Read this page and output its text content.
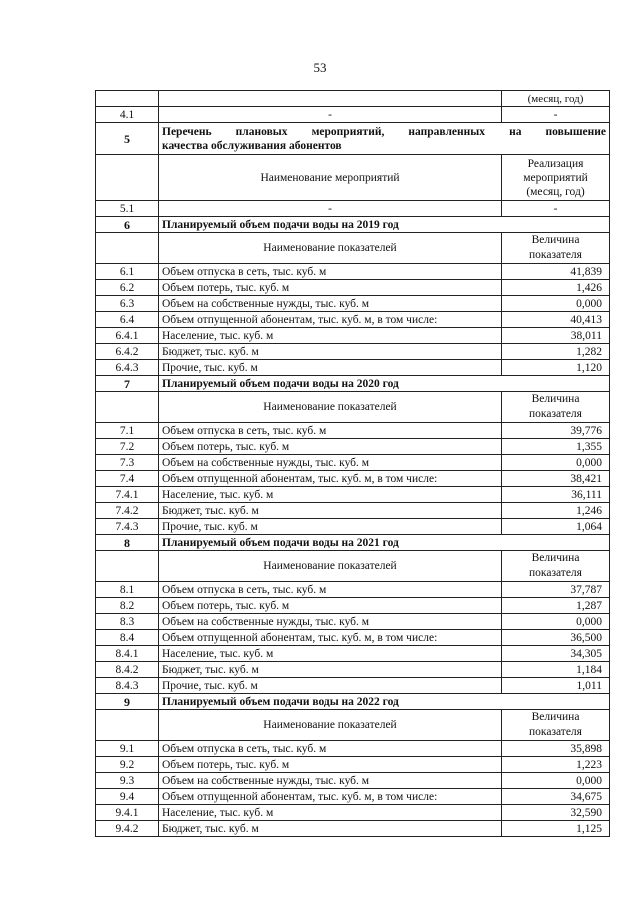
53
		(месяц, год)
4.1	-	-
5	Перечень плановых мероприятий, направленных на повышение
качества обслуживания абонентов	

	Наименование мероприятий	Реализация
мероприятий
(месяц, год)

5.1	-	-
6	Планируемый объем подачи воды на 2019 год	
	Наименование показателей	Величина
показателя

6.1	Объем отпуска в сеть, тыс. куб. м	41,839
6.2	Объем потерь, тыс. куб. м	1,426
6.3	Объем на собственные нужды, тыс. куб. м	0,000
6.4	Объем отпущенной абонентам, тыс. куб. м, в том числе:	40,413
6.4.1	Население, тыс. куб. м	38,011
6.4.2	Бюджет, тыс. куб. м	1,282
6.4.3	Прочие, тыс. куб. м	1,120
7	Планируемый объем подачи воды на 2020 год	
	Наименование показателей	Величина
показателя

7.1	Объем отпуска в сеть, тыс. куб. м	39,776
7.2	Объем потерь, тыс. куб. м	1,355
7.3	Объем на собственные нужды, тыс. куб. м	0,000
7.4	Объем отпущенной абонентам, тыс. куб. м, в том числе:	38,421
7.4.1	Население, тыс. куб. м	36,111
7.4.2	Бюджет, тыс. куб. м	1,246
7.4.3	Прочие, тыс. куб. м	1,064
8	Планируемый объем подачи воды на 2021 год	
	Наименование показателей	Величина
показателя

8.1	Объем отпуска в сеть, тыс. куб. м	37,787
8.2	Объем потерь, тыс. куб. м	1,287
8.3	Объем на собственные нужды, тыс. куб. м	0,000
8.4	Объем отпущенной абонентам, тыс. куб. м, в том числе:	36,500
8.4.1	Население, тыс. куб. м	34,305
8.4.2	Бюджет, тыс. куб. м	1,184
8.4.3	Прочие, тыс. куб. м	1,011
9	Планируемый объем подачи воды на 2022 год	
	Наименование показателей	Величина
показателя

9.1	Объем отпуска в сеть, тыс. куб. м	35,898
9.2	Объем потерь, тыс. куб. м	1,223
9.3	Объем на собственные нужды, тыс. куб. м	0,000
9.4	Объем отпущенной абонентам, тыс. куб. м, в том числе:	34,675
9.4.1	Население, тыс. куб. м	32,590
9.4.2	Бюджет, тыс. куб. м	1,125
